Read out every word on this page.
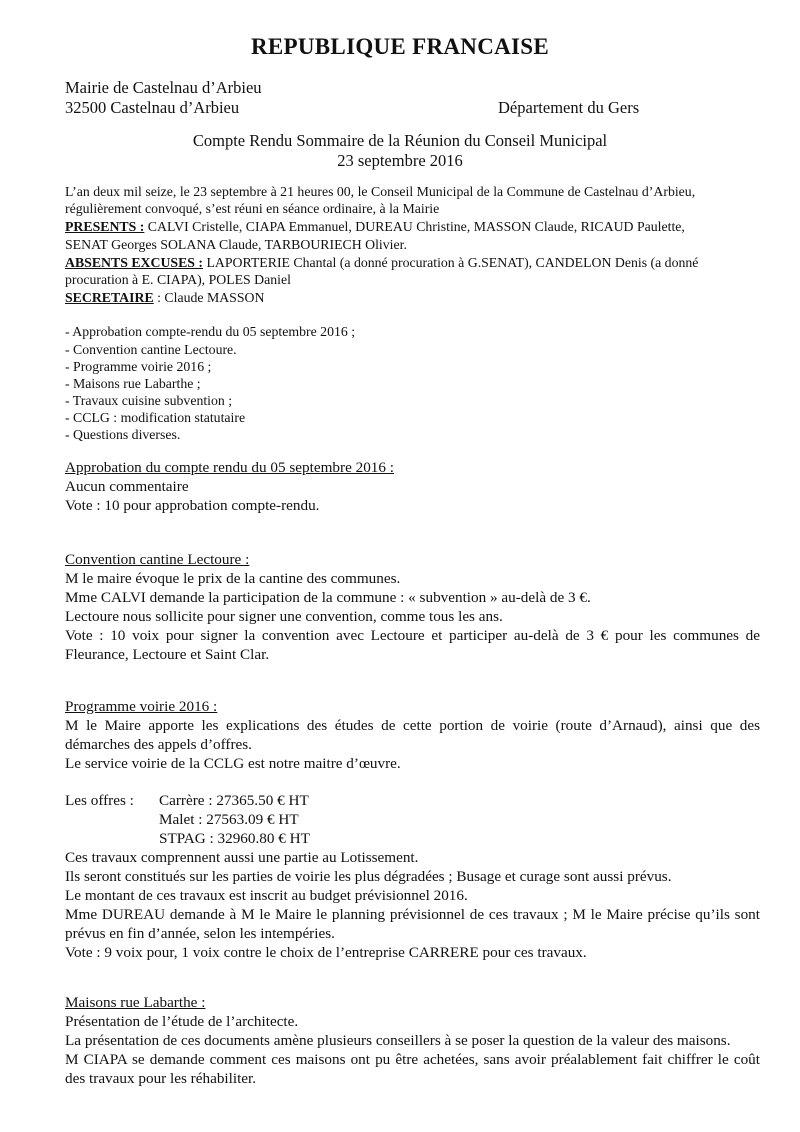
REPUBLIQUE FRANCAISE
Mairie de Castelnau d’Arbieu
32500 Castelnau d’Arbieu	Département du Gers
Compte Rendu Sommaire de la Réunion du Conseil Municipal
23 septembre 2016
L’an deux mil seize, le 23 septembre à 21 heures 00, le Conseil Municipal de la Commune de Castelnau d’Arbieu,
régulièrement convoqué, s’est réuni en séance ordinaire, à la Mairie
PRESENTS : CALVI Cristelle, CIAPA Emmanuel, DUREAU Christine, MASSON Claude, RICAUD Paulette,
SENAT Georges SOLANA Claude, TARBOURIECH Olivier.
ABSENTS EXCUSES : LAPORTERIE Chantal (a donné procuration à G.SENAT), CANDELON Denis (a donné
procuration à E. CIAPA), POLES Daniel
SECRETAIRE : Claude MASSON
- Approbation compte-rendu du 05 septembre 2016 ;
- Convention cantine Lectoure.
- Programme voirie 2016 ;
- Maisons rue Labarthe ;
- Travaux cuisine subvention ;
- CCLG : modification statutaire
- Questions diverses.

Approbation du compte rendu du 05 septembre 2016 :

Aucun commentaire

Vote : 10 pour approbation compte-rendu.

Convention cantine Lectoure :

M le maire évoque le prix de la cantine des communes.

Mme CALVI demande la participation de la commune : « subvention » au-delà de 3 €.

Lectoure nous sollicite pour signer une convention, comme tous les ans.

Vote : 10 voix pour signer la convention avec Lectoure et participer au-delà de 3 € pour les communes de Fleurance, Lectoure et Saint Clar.

Programme voirie 2016 :

M le Maire apporte les explications des études de cette portion de voirie (route d’Arnaud), ainsi que des démarches des appels d’offres.

Le service voirie de la CCLG est notre maitre d’œuvre.

Les offres :	Carrère : 27365.50 € HT
Malet : 27563.09 € HT
STPAG : 32960.80 € HT

Ces travaux comprennent aussi une partie au Lotissement.

Ils seront constitués sur les parties de voirie les plus dégradées ; Busage et curage sont aussi prévus.

Le montant de ces travaux est inscrit au budget prévisionnel 2016.

Mme DUREAU demande à M le Maire le planning prévisionnel de ces travaux ; M le Maire précise qu’ils sont prévus en fin d’année, selon les intempéries.

Vote : 9 voix pour, 1 voix contre le choix de l’entreprise CARRERE pour ces travaux.

Maisons rue Labarthe :

Présentation de l’étude de l’architecte.

La présentation de ces documents amène plusieurs conseillers à se poser la question de la valeur des maisons.

M CIAPA se demande comment ces maisons ont pu être achetées, sans avoir préalablement fait chiffrer le coût des travaux pour les réhabiliter.
